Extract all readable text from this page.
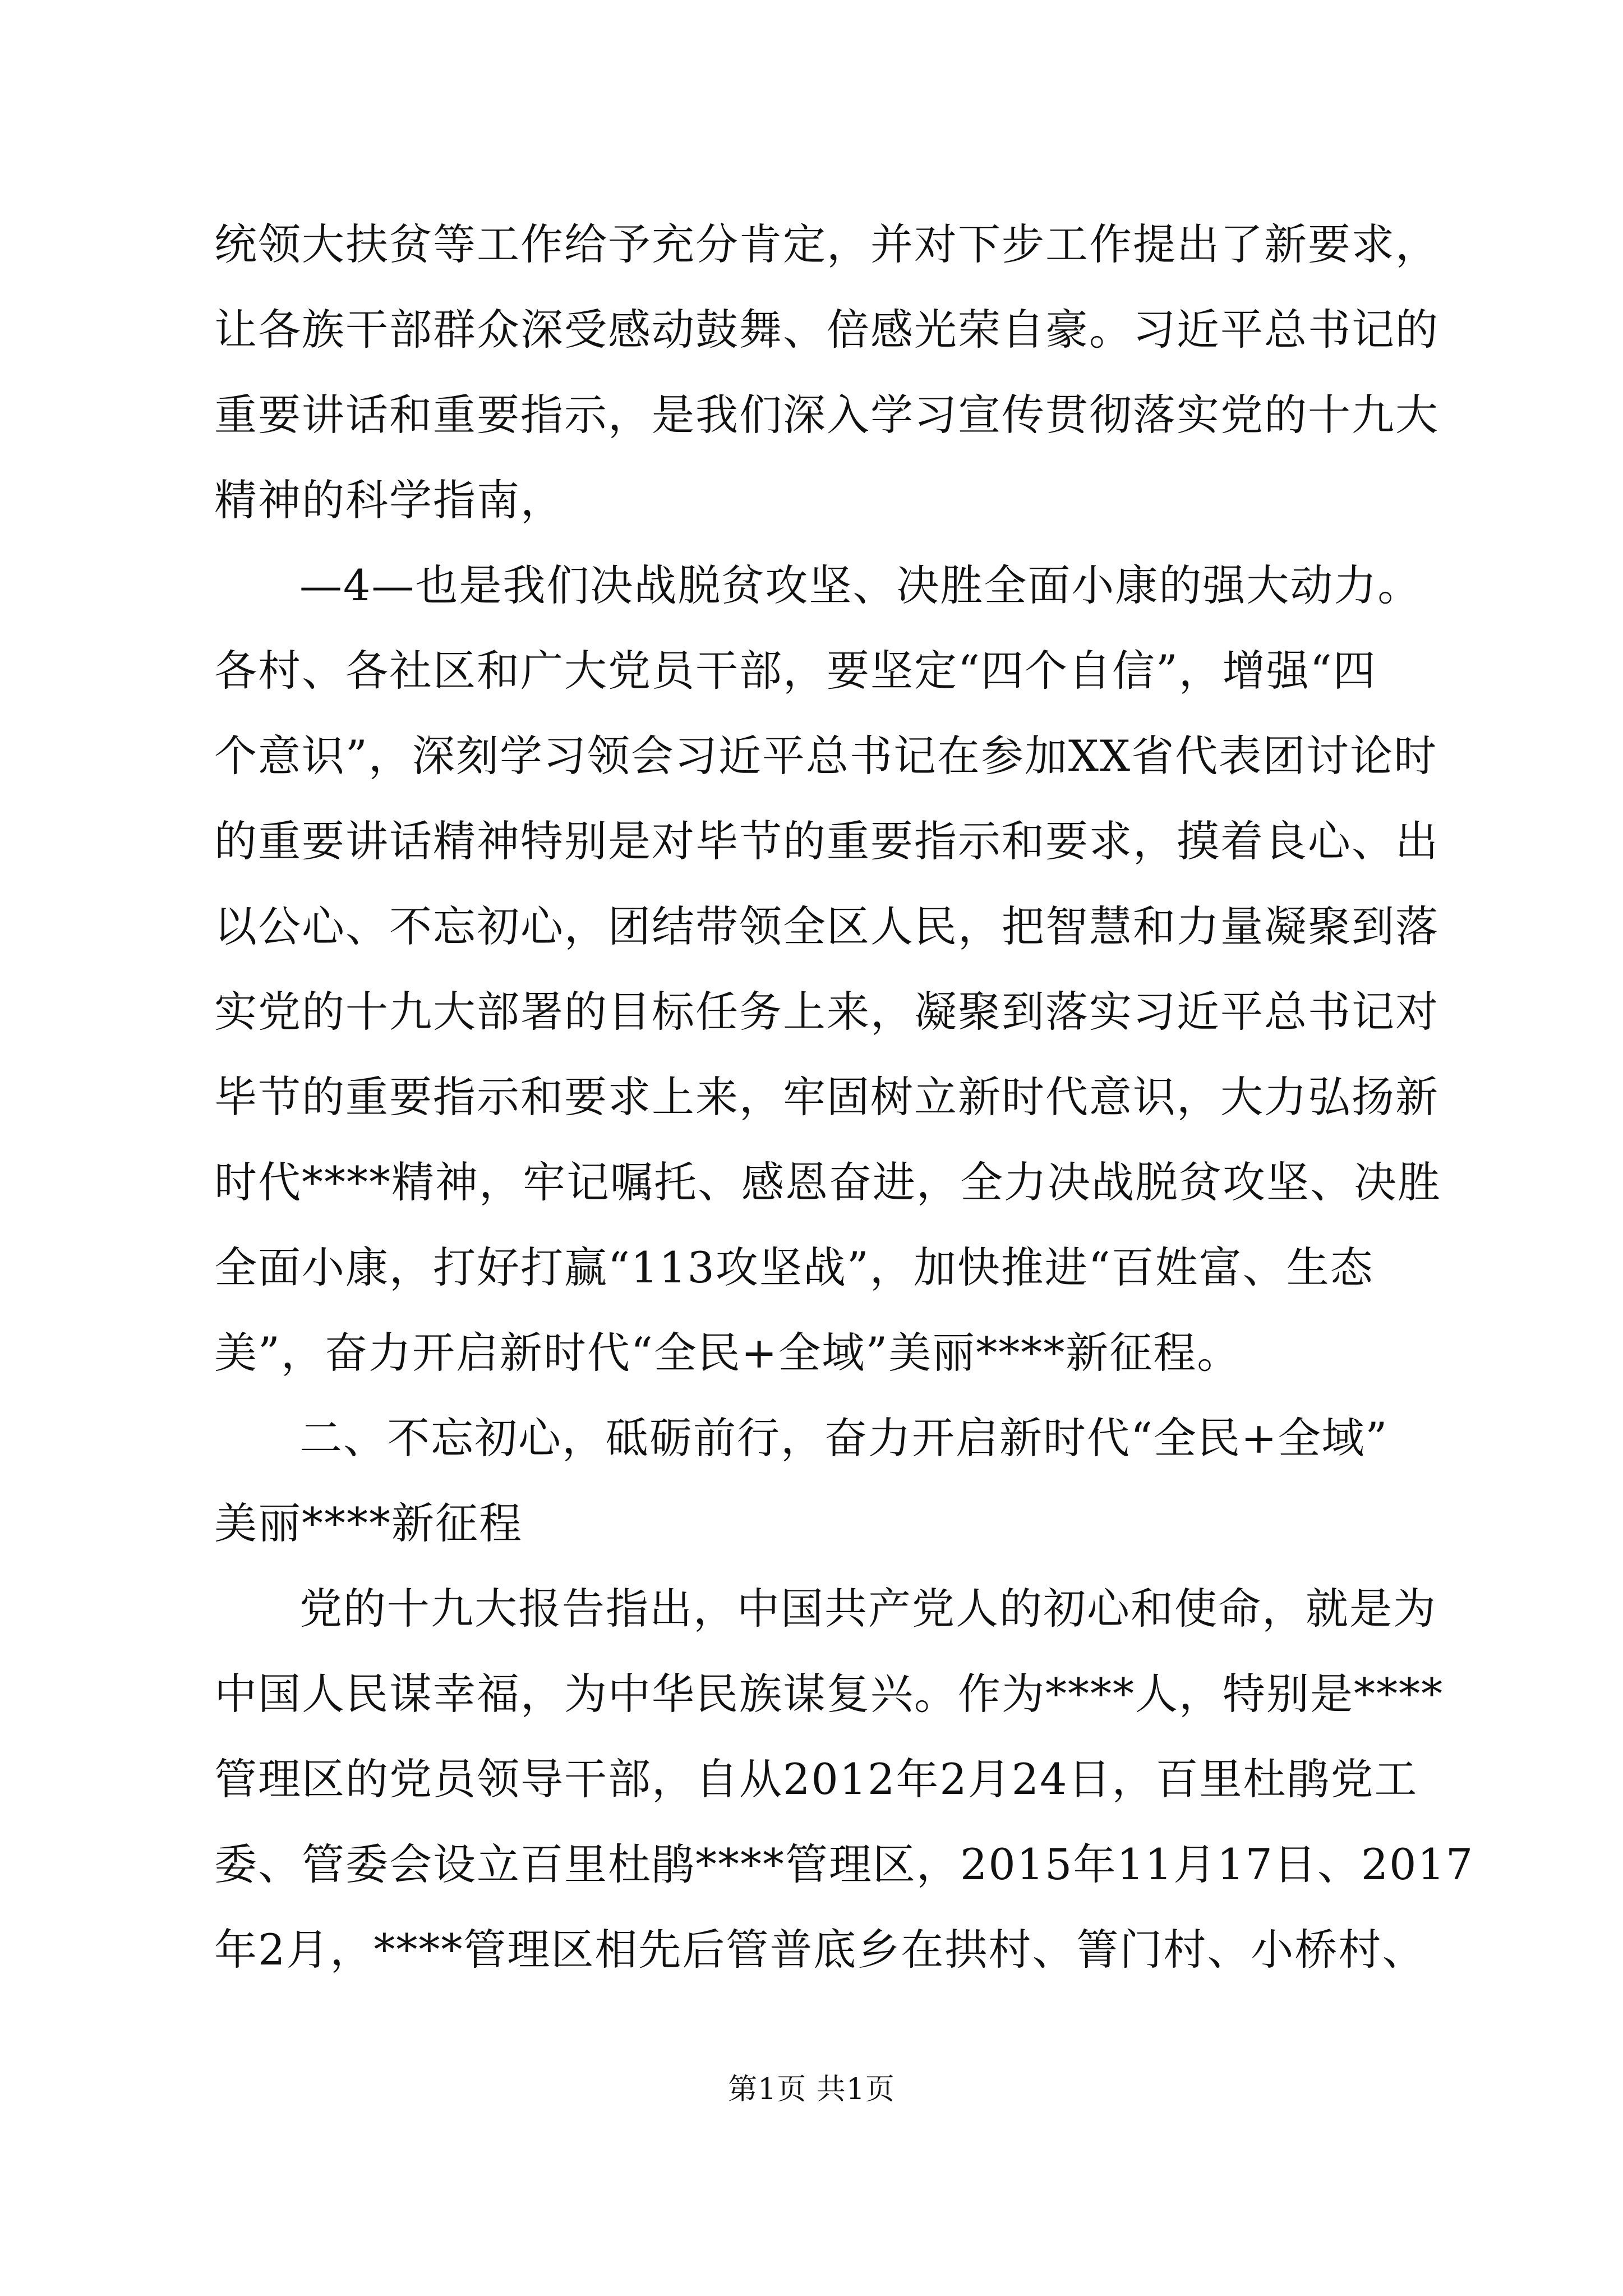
统领大扶贫等工作给予充分肯定，并对下步工作提出了新要求，
让各族干部群众深受感动鼓舞、倍感光荣自豪。习近平总书记的
重要讲话和重要指示，是我们深入学习宣传贯彻落实党的十九大
精神的科学指南，
—4—也是我们决战脱贫攻坚、决胜全面小康的强大动力。
各村、各社区和广大党员干部，要坚定“四个自信”，增强“四
个意识”，深刻学习领会习近平总书记在参加XX省代表团讨论时
的重要讲话精神特别是对毕节的重要指示和要求，摸着良心、出
以公心、不忘初心，团结带领全区人民，把智慧和力量凝聚到落
实党的十九大部署的目标任务上来，凝聚到落实习近平总书记对
毕节的重要指示和要求上来，牢固树立新时代意识，大力弘扬新
时代****精神，牢记嘱托、感恩奋进，全力决战脱贫攻坚、决胜
全面小康，打好打赢“113攻坚战”，加快推进“百姓富、生态
美”，奋力开启新时代“全民+全域”美丽****新征程。
二、不忘初心，砥砺前行，奋力开启新时代“全民+全域”
美丽****新征程
党的十九大报告指出，中国共产党人的初心和使命，就是为
中国人民谋幸福，为中华民族谋复兴。作为****人，特别是****
管理区的党员领导干部，自从2012年2月24日，百里杜鹃党工
委、管委会设立百里杜鹃****管理区，2015年11月17日、2017
年2月，****管理区相先后管普底乡在拱村、箐门村、小桥村、
第1页 共1页
